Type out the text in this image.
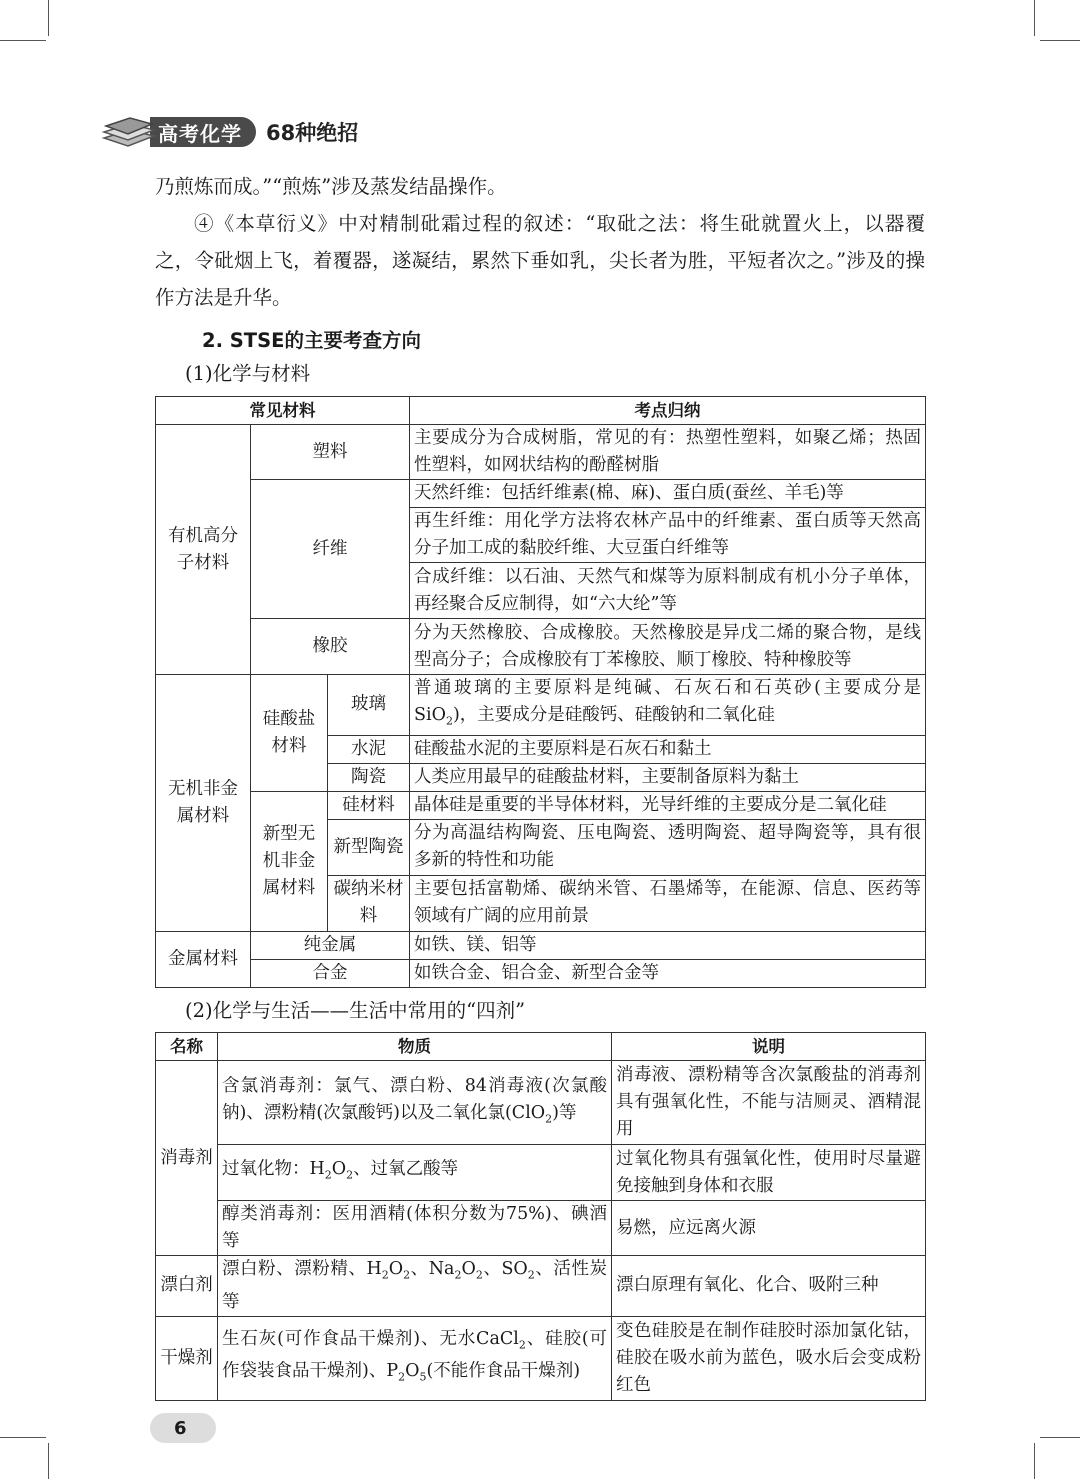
高考化学	68种绝招
乃煎炼而成。”“煎炼”涉及蒸发结晶操作。
④《本草衍义》中对精制砒霜过程的叙述：“取砒之法：将生砒就置火上，以器覆之，令砒烟上飞，着覆器，遂凝结，累然下垂如乳，尖长者为胜，平短者次之。”涉及的操作方法是升华。
2. STSE的主要考查方向
(1)化学与材料
常见材料			考点归纳
有机高分子材料	塑料		主要成分为合成树脂，常见的有：热塑性塑料，如聚乙烯；热固性塑料，如网状结构的酚醛树脂
	纤维		天然纤维：包括纤维素(棉、麻)、蛋白质(蚕丝、羊毛)等
			再生纤维：用化学方法将农林产品中的纤维素、蛋白质等天然高分子加工成的黏胶纤维、大豆蛋白纤维等
			合成纤维：以石油、天然气和煤等为原料制成有机小分子单体，再经聚合反应制得，如“六大纶”等
	橡胶		分为天然橡胶、合成橡胶。天然橡胶是异戊二烯的聚合物，是线型高分子；合成橡胶有丁苯橡胶、顺丁橡胶、特种橡胶等
无机非金属材料	硅酸盐材料	玻璃	普通玻璃的主要原料是纯碱、石灰石和石英砂(主要成分是SiO$_2$)，主要成分是硅酸钙、硅酸钠和二氧化硅
		水泥	硅酸盐水泥的主要原料是石灰石和黏土
		陶瓷	人类应用最早的硅酸盐材料，主要制备原料为黏土
	新型无机非金属材料	硅材料	晶体硅是重要的半导体材料，光导纤维的主要成分是二氧化硅
		新型陶瓷	分为高温结构陶瓷、压电陶瓷、透明陶瓷、超导陶瓷等，具有很多新的特性和功能
		碳纳米材料	主要包括富勒烯、碳纳米管、石墨烯等，在能源、信息、医药等领域有广阔的应用前景
金属材料	纯金属		如铁、镁、铝等
	合金		如铁合金、铝合金、新型合金等
(2)化学与生活——生活中常用的“四剂”
名称	物质	说明
消毒剂	含氯消毒剂：氯气、漂白粉、84消毒液(次氯酸钠)、漂粉精(次氯酸钙)以及二氧化氯(ClO$_2$)等	消毒液、漂粉精等含次氯酸盐的消毒剂具有强氧化性，不能与洁厕灵、酒精混用
	过氧化物：$H_2O_2$、过氧乙酸等	过氧化物具有强氧化性，使用时尽量避免接触到身体和衣服
	醇类消毒剂：医用酒精(体积分数为75%)、碘酒等	易燃，应远离火源
漂白剂	漂白粉、漂粉精、$H_2O_2$、$Na_2O_2$、$SO_2$、活性炭等	漂白原理有氧化、化合、吸附三种
干燥剂	生石灰(可作食品干燥剂)、无水CaCl$_2$、硅胶(可作袋装食品干燥剂)、$P_2O_5$(不能作食品干燥剂)	变色硅胶是在制作硅胶时添加氯化钴，硅胶在吸水前为蓝色，吸水后会变成粉红色
6
